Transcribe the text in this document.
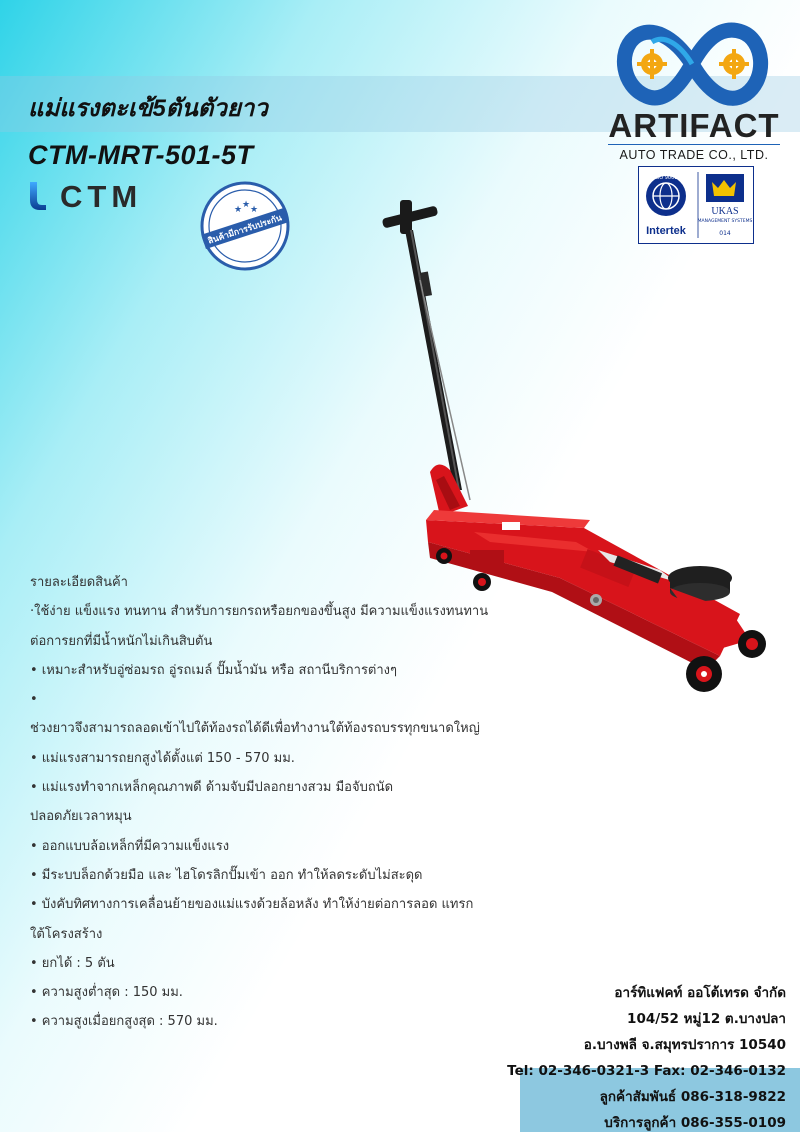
แม่แรงตะเข้5ตันตัวยาว
CTM-MRT-501-5T
CTM	★ ★ ★
สินค้ามีการรับประกัน
ARTIFACT
AUTO TRADE CO., LTD.
ISO 9001
Intertek
UKAS
MANAGEMENT SYSTEMS
014
รายละเอียดสินค้า
·ใช้ง่าย แข็งแรง ทนทาน สำหรับการยกรถหรือยกของขึ้นสูง มีความแข็งแรงทนทาน
ต่อการยกที่มีน้ำหนักไม่เกินสิบตัน
• เหมาะสำหรับอู่ซ่อมรถ อู่รถเมล์ ปั๊มน้ำมัน หรือ สถานีบริการต่างๆ
•
ช่วงยาวจึงสามารถลอดเข้าไปใต้ท้องรถได้ดีเพื่อทำงานใต้ท้องรถบรรทุกขนาดใหญ่
• แม่แรงสามารถยกสูงได้ตั้งแต่ 150 - 570 มม.
• แม่แรงทำจากเหล็กคุณภาพดี ด้ามจับมีปลอกยางสวม มือจับถนัด
ปลอดภัยเวลาหมุน
• ออกแบบล้อเหล็กที่มีความแข็งแรง
• มีระบบล็อกด้วยมือ และ ไฮโดรลิกปั๊มเข้า ออก ทำให้ลดระดับไม่สะดุด
• บังคับทิศทางการเคลื่อนย้ายของแม่แรงด้วยล้อหลัง ทำให้ง่ายต่อการลอด แทรก
ใต้โครงสร้าง
• ยกได้ : 5 ตัน
• ความสูงต่ำสุด : 150 มม.
• ความสูงเมื่อยกสูงสุด : 570 มม.
อาร์ทิแฟคท์ ออโต้เทรด จำกัด
104/52 หมู่12 ต.บางปลา
อ.บางพลี จ.สมุทรปราการ 10540
Tel: 02-346-0321-3 Fax: 02-346-0132
ลูกค้าสัมพันธ์ 086-318-9822
บริการลูกค้า 086-355-0109
